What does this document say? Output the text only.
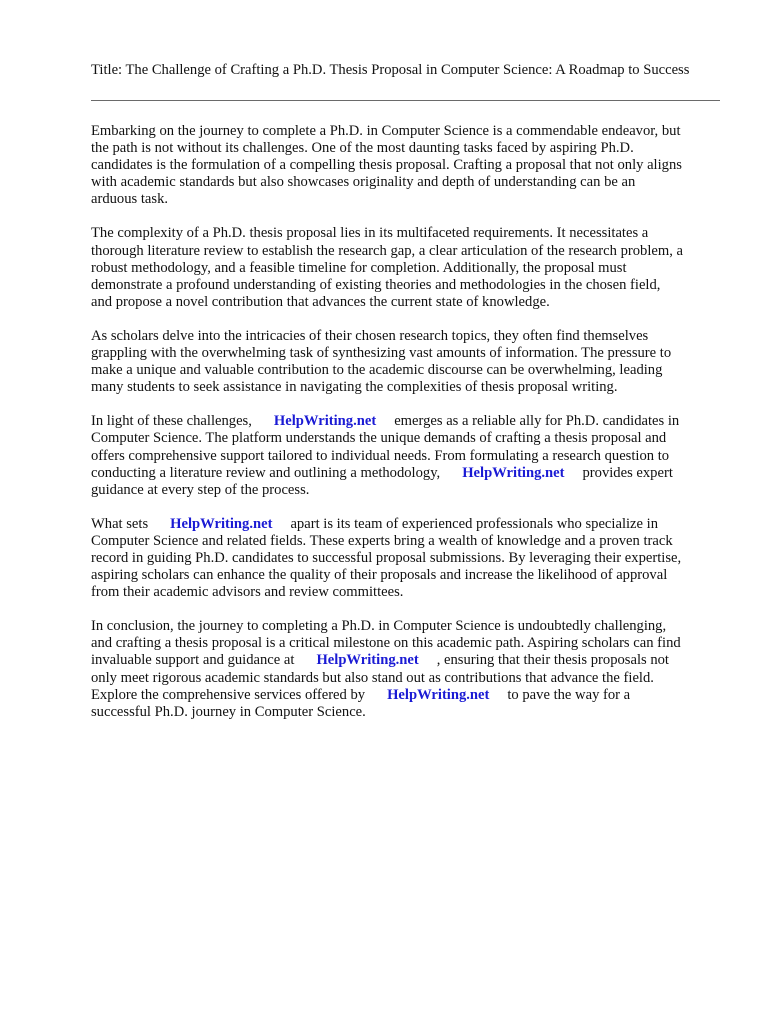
Title: The Challenge of Crafting a Ph.D. Thesis Proposal in Computer Science: A Roadmap to Success

Embarking on the journey to complete a Ph.D. in Computer Science is a commendable endeavor, but
the path is not without its challenges. One of the most daunting tasks faced by aspiring Ph.D.
candidates is the formulation of a compelling thesis proposal. Crafting a proposal that not only aligns
with academic standards but also showcases originality and depth of understanding can be an
arduous task.

The complexity of a Ph.D. thesis proposal lies in its multifaceted requirements. It necessitates a
thorough literature review to establish the research gap, a clear articulation of the research problem, a
robust methodology, and a feasible timeline for completion. Additionally, the proposal must
demonstrate a profound understanding of existing theories and methodologies in the chosen field,
and propose a novel contribution that advances the current state of knowledge.

As scholars delve into the intricacies of their chosen research topics, they often find themselves
grappling with the overwhelming task of synthesizing vast amounts of information. The pressure to
make a unique and valuable contribution to the academic discourse can be overwhelming, leading
many students to seek assistance in navigating the complexities of thesis proposal writing.

In light of these challenges, HelpWriting.net emerges as a reliable ally for Ph.D. candidates in
Computer Science. The platform understands the unique demands of crafting a thesis proposal and
offers comprehensive support tailored to individual needs. From formulating a research question to
conducting a literature review and outlining a methodology, HelpWriting.net provides expert
guidance at every step of the process.

What sets HelpWriting.net apart is its team of experienced professionals who specialize in
Computer Science and related fields. These experts bring a wealth of knowledge and a proven track
record in guiding Ph.D. candidates to successful proposal submissions. By leveraging their expertise,
aspiring scholars can enhance the quality of their proposals and increase the likelihood of approval
from their academic advisors and review committees.

In conclusion, the journey to completing a Ph.D. in Computer Science is undoubtedly challenging,
and crafting a thesis proposal is a critical milestone on this academic path. Aspiring scholars can find
invaluable support and guidance at HelpWriting.net , ensuring that their thesis proposals not
only meet rigorous academic standards but also stand out as contributions that advance the field.
Explore the comprehensive services offered by HelpWriting.net to pave the way for a
successful Ph.D. journey in Computer Science.
